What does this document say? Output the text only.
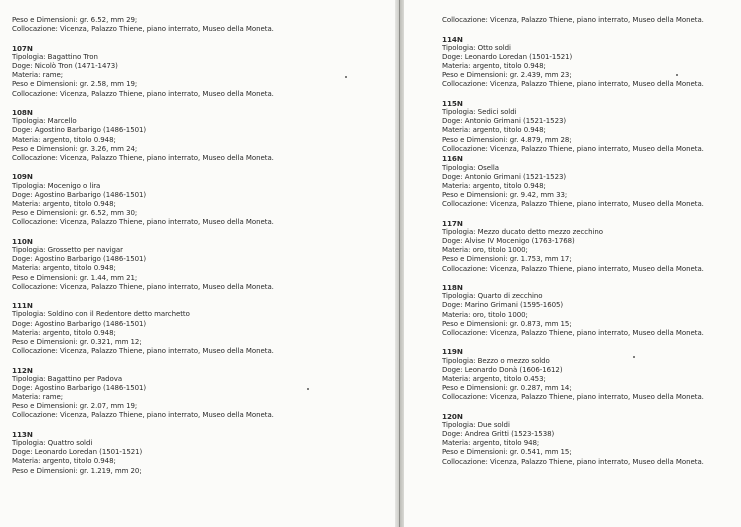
Peso e Dimensioni: gr. 6.52, mm 29;
Collocazione: Vicenza, Palazzo Thiene, piano interrato, Museo della Moneta.
107N
Tipologia: Bagattino Tron
Doge: Nicolò Tron (1471-1473)
Materia: rame;
Peso e Dimensioni: gr. 2.58, mm 19;
Collocazione: Vicenza, Palazzo Thiene, piano interrato, Museo della Moneta.
108N
Tipologia: Marcello
Doge: Agostino Barbarigo (1486-1501)
Materia: argento, titolo 0.948;
Peso e Dimensioni: gr. 3.26, mm 24;
Collocazione: Vicenza, Palazzo Thiene, piano interrato, Museo della Moneta.
109N
Tipologia: Mocenigo o lira
Doge: Agostino Barbarigo (1486-1501)
Materia: argento, titolo 0.948;
Peso e Dimensioni: gr. 6.52, mm 30;
Collocazione: Vicenza, Palazzo Thiene, piano interrato, Museo della Moneta.
110N
Tipologia: Grossetto per navigar
Doge: Agostino Barbarigo (1486-1501)
Materia: argento, titolo 0.948;
Peso e Dimensioni: gr. 1.44, mm 21;
Collocazione: Vicenza, Palazzo Thiene, piano interrato, Museo della Moneta.
111N
Tipologia: Soldino con il Redentore detto marchetto
Doge: Agostino Barbarigo (1486-1501)
Materia: argento, titolo 0.948;
Peso e Dimensioni: gr. 0.321, mm 12;
Collocazione: Vicenza, Palazzo Thiene, piano interrato, Museo della Moneta.
112N
Tipologia: Bagattino per Padova
Doge: Agostino Barbarigo (1486-1501)
Materia: rame;
Peso e Dimensioni: gr. 2.07, mm 19;
Collocazione: Vicenza, Palazzo Thiene, piano interrato, Museo della Moneta.
113N
Tipologia: Quattro soldi
Doge: Leonardo Loredan (1501-1521)
Materia: argento, titolo 0.948;
Peso e Dimensioni: gr. 1.219, mm 20;
Collocazione: Vicenza, Palazzo Thiene, piano interrato, Museo della Moneta.
114N
Tipologia: Otto soldi
Doge: Leonardo Loredan (1501-1521)
Materia: argento, titolo 0.948;
Peso e Dimensioni: gr. 2.439, mm 23;
Collocazione: Vicenza, Palazzo Thiene, piano interrato, Museo della Moneta.
115N
Tipologia: Sedici soldi
Doge: Antonio Grimani (1521-1523)
Materia: argento, titolo 0.948;
Peso e Dimensioni: gr. 4.879, mm 28;
Collocazione: Vicenza, Palazzo Thiene, piano interrato, Museo della Moneta.
116N
Tipologia: Osella
Doge: Antonio Grimani (1521-1523)
Materia: argento, titolo 0.948;
Peso e Dimensioni: gr. 9.42, mm 33;
Collocazione: Vicenza, Palazzo Thiene, piano interrato, Museo della Moneta.
117N
Tipologia: Mezzo ducato detto mezzo zecchino
Doge: Alvise IV Mocenigo (1763-1768)
Materia: oro, titolo 1000;
Peso e Dimensioni: gr. 1.753, mm 17;
Collocazione: Vicenza, Palazzo Thiene, piano interrato, Museo della Moneta.
118N
Tipologia: Quarto di zecchino
Doge: Marino Grimani (1595-1605)
Materia: oro, titolo 1000;
Peso e Dimensioni: gr. 0.873, mm 15;
Collocazione: Vicenza, Palazzo Thiene, piano interrato, Museo della Moneta.
119N
Tipologia: Bezzo o mezzo soldo
Doge: Leonardo Donà (1606-1612)
Materia: argento, titolo 0.453;
Peso e Dimensioni: gr. 0.287, mm 14;
Collocazione: Vicenza, Palazzo Thiene, piano interrato, Museo della Moneta.
120N
Tipologia: Due soldi
Doge: Andrea Gritti (1523-1538)
Materia: argento, titolo 948;
Peso e Dimensioni: gr. 0.541, mm 15;
Collocazione: Vicenza, Palazzo Thiene, piano interrato, Museo della Moneta.
